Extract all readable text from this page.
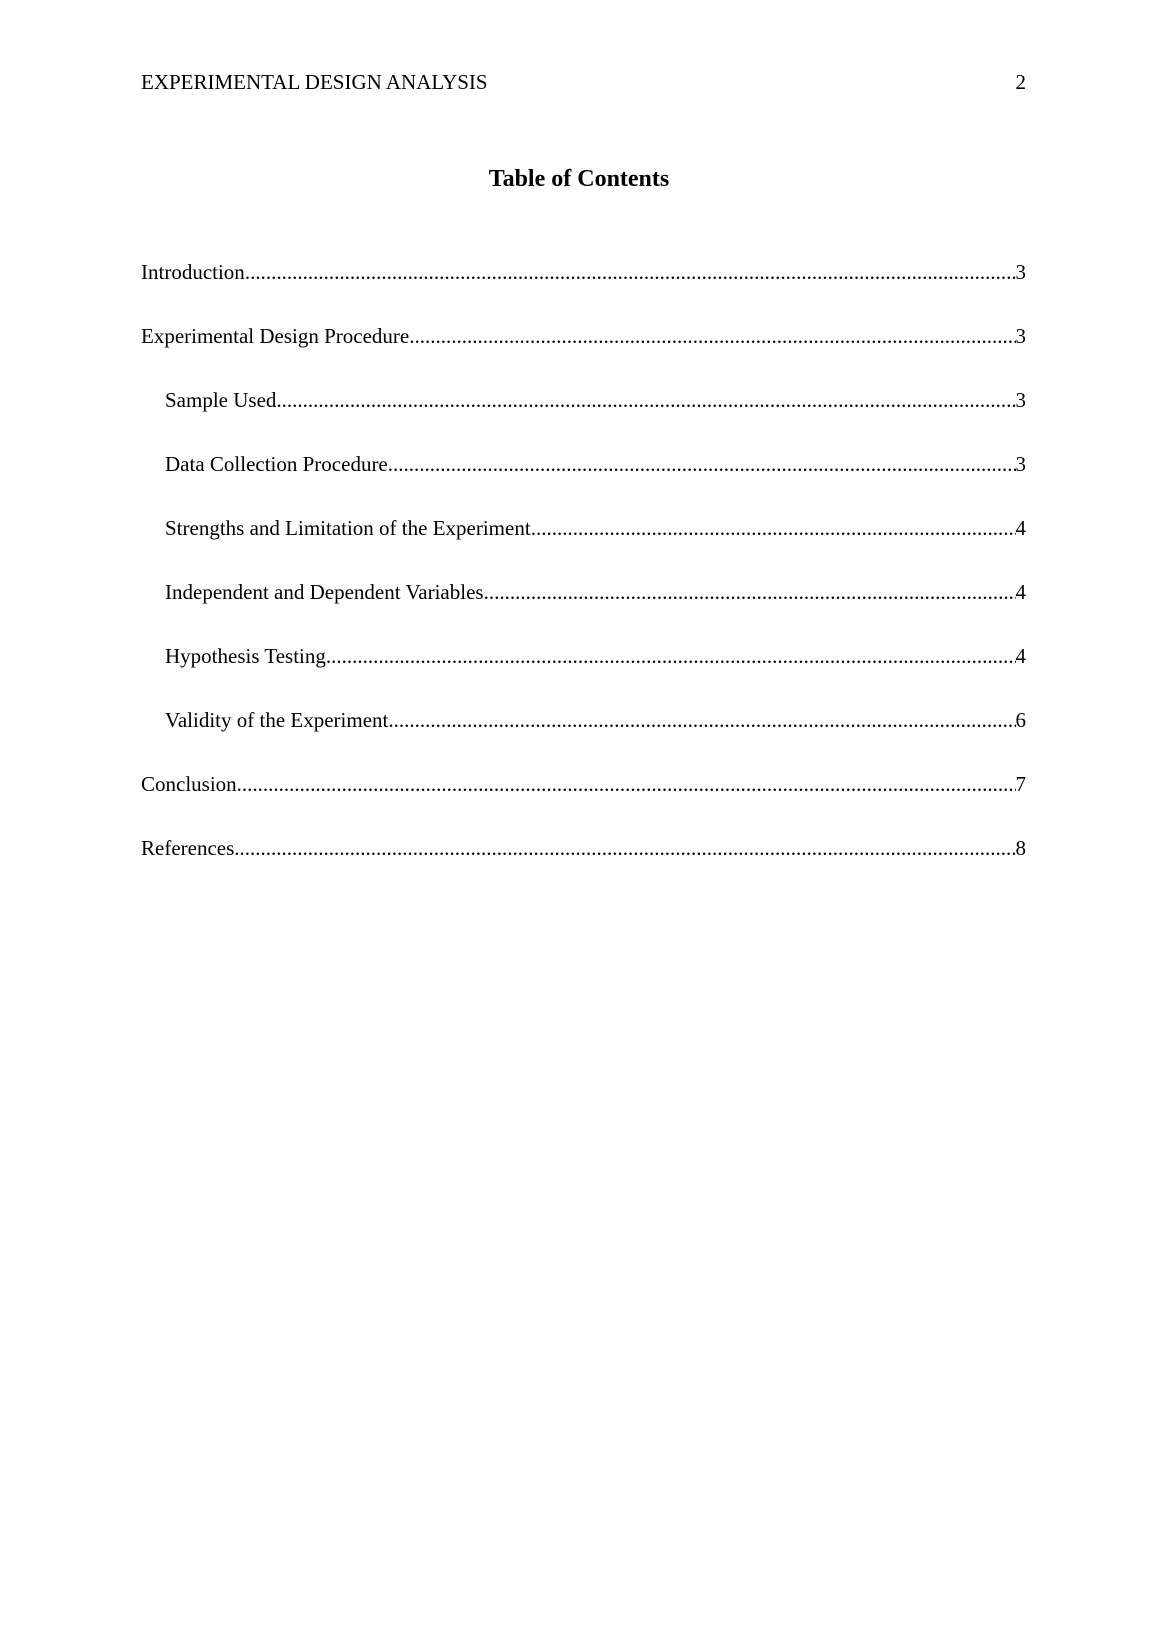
EXPERIMENTAL DESIGN ANALYSIS	2
Table of Contents
Introduction .....	3
Experimental Design Procedure .....	3
Sample Used .....	3
Data Collection Procedure .....	3
Strengths and Limitation of the Experiment .....	4
Independent and Dependent Variables .....	4
Hypothesis Testing .....	4
Validity of the Experiment .....	6
Conclusion .....	7
References .....	8
